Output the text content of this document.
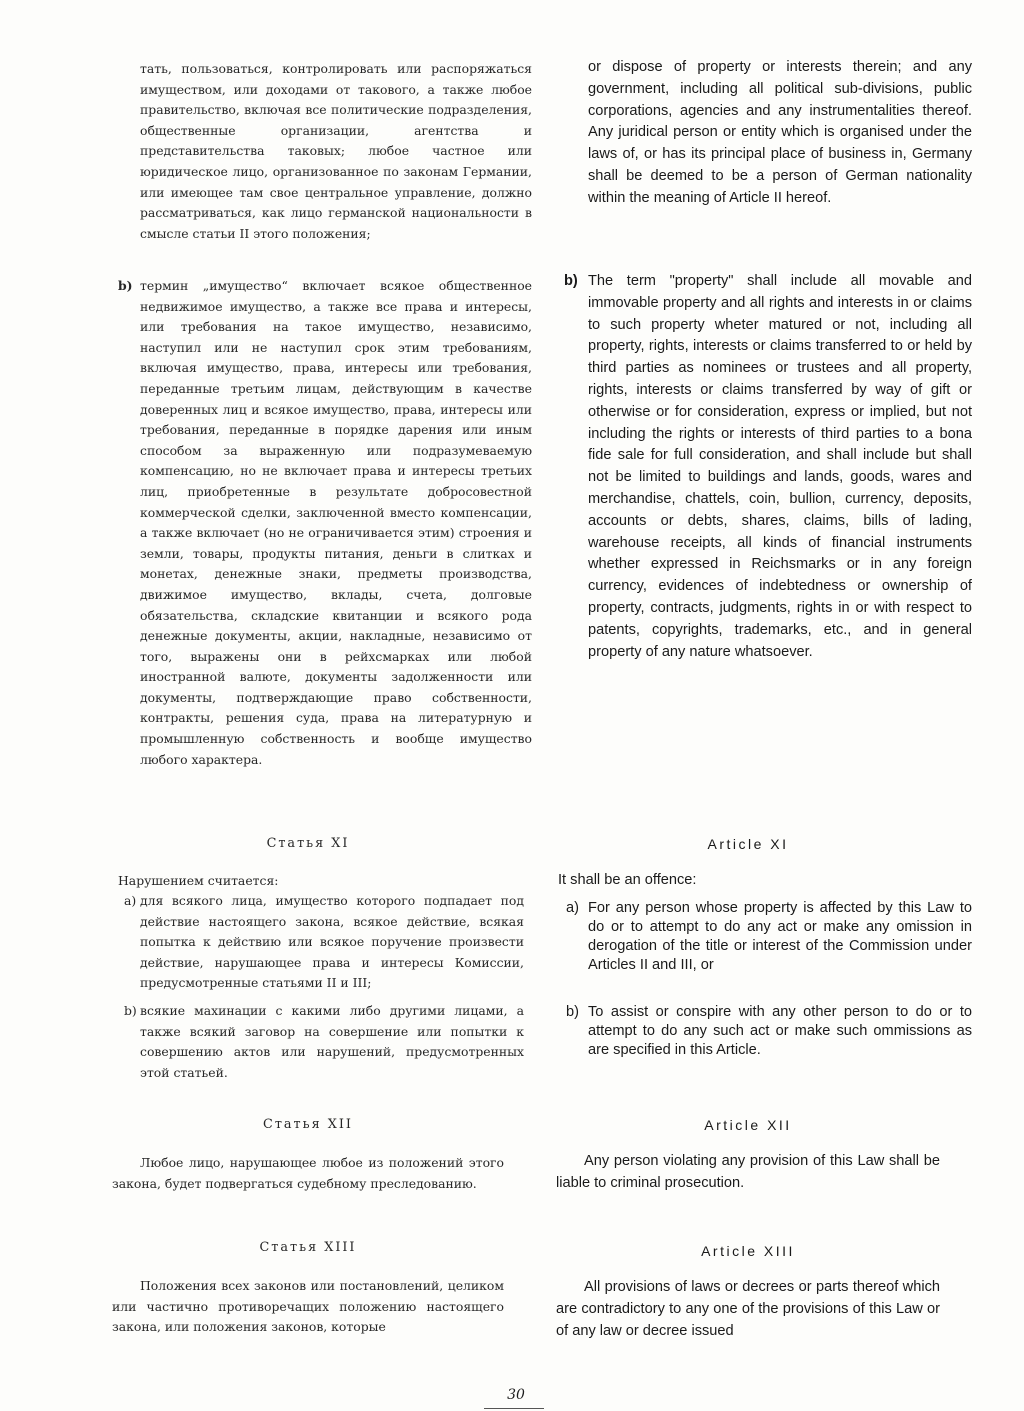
тать, пользоваться, контролировать или распоряжаться имуществом, или доходами от такового, а также любое правительство, включая все политические подразделения, общественные организации, агентства и представительства таковых; любое частное или юридическое лицо, организованное по законам Германии, или имеющее там свое центральное управление, должно рассматриваться, как лицо германской национальности в смысле статьи II этого положения;

b) термин „имущество“ включает всякое общественное недвижимое имущество, а также все права и интересы, или требования на такое имущество, независимо, наступил или не наступил срок этим требованиям, включая имущество, права, интересы или требования, переданные третьим лицам, действующим в качестве доверенных лиц и всякое имущество, права, интересы или требования, переданные в порядке дарения или иным способом за выраженную или подразумеваемую компенсацию, но не включает права и интересы третьих лиц, приобретенные в результате добросовестной коммерческой сделки, заключенной вместо компенсации, а также включает (но не ограничивается этим) строения и земли, товары, продукты питания, деньги в слитках и монетах, денежные знаки, предметы производства, движимое имущество, вклады, счета, долговые обязательства, складские квитанции и всякого рода денежные документы, акции, накладные, независимо от того, выражены они в рейхсмарках или любой иностранной валюте, документы задолженности или документы, подтверждающие право собственности, контракты, решения суда, права на литературную и промышленную собственность и вообще имущество любого характера.
Статья XI

Нарушением считается:

a) для всякого лица, имущество которого подпадает под действие настоящего закона, всякое действие, всякая попытка к действию или всякое поручение произвести действие, нарушающее права и интересы Комиссии, предусмотренные статьями II и III;
b) всякие махинации с какими либо другими лицами, а также всякий заговор на совершение или попытки к совершению актов или нарушений, предусмотренных этой статьей.
Статья XII

Любое лицо, нарушающее любое из положений этого закона, будет подвергаться судебному преследованию.

Статья XIII

Положения всех законов или постановлений, целиком или частично противоречащих положению настоящего закона, или положения законов, которые

or dispose of property or interests therein; and any government, including all political sub-divisions, public corporations, agencies and any instrumentalities thereof. Any juridical person or entity which is organised under the laws of, or has its principal place of business in, Germany shall be deemed to be a person of German nationality within the meaning of Article II hereof.

b) The term "property" shall include all movable and immovable property and all rights and interests in or claims to such property wheter matured or not, including all property, rights, interests or claims transferred to or held by third parties as nominees or trustees and all property, rights, interests or claims transferred by way of gift or otherwise or for consideration, express or implied, but not including the rights or interests of third parties to a bona fide sale for full consideration, and shall include but shall not be limited to buildings and lands, goods, wares and merchandise, chattels, coin, bullion, currency, deposits, accounts or debts, shares, claims, bills of lading, warehouse receipts, all kinds of financial instruments whether expressed in Reichsmarks or in any foreign currency, evidences of indebtedness or ownership of property, contracts, judgments, rights in or with respect to patents, copyrights, trademarks, etc., and in general property of any nature whatsoever.
Article XI

It shall be an offence:

a) For any person whose property is affected by this Law to do or to attempt to do any act or make any omission in derogation of the title or interest of the Commission under Articles II and III, or
b) To assist or conspire with any other person to do or to attempt to do any such act or make such ommissions as are specified in this Article.
Article XII

Any person violating any provision of this Law shall be liable to criminal prosecution.

Article XIII

All provisions of laws or decrees or parts thereof which are contradictory to any one of the provisions of this Law or of any law or decree issued

30
